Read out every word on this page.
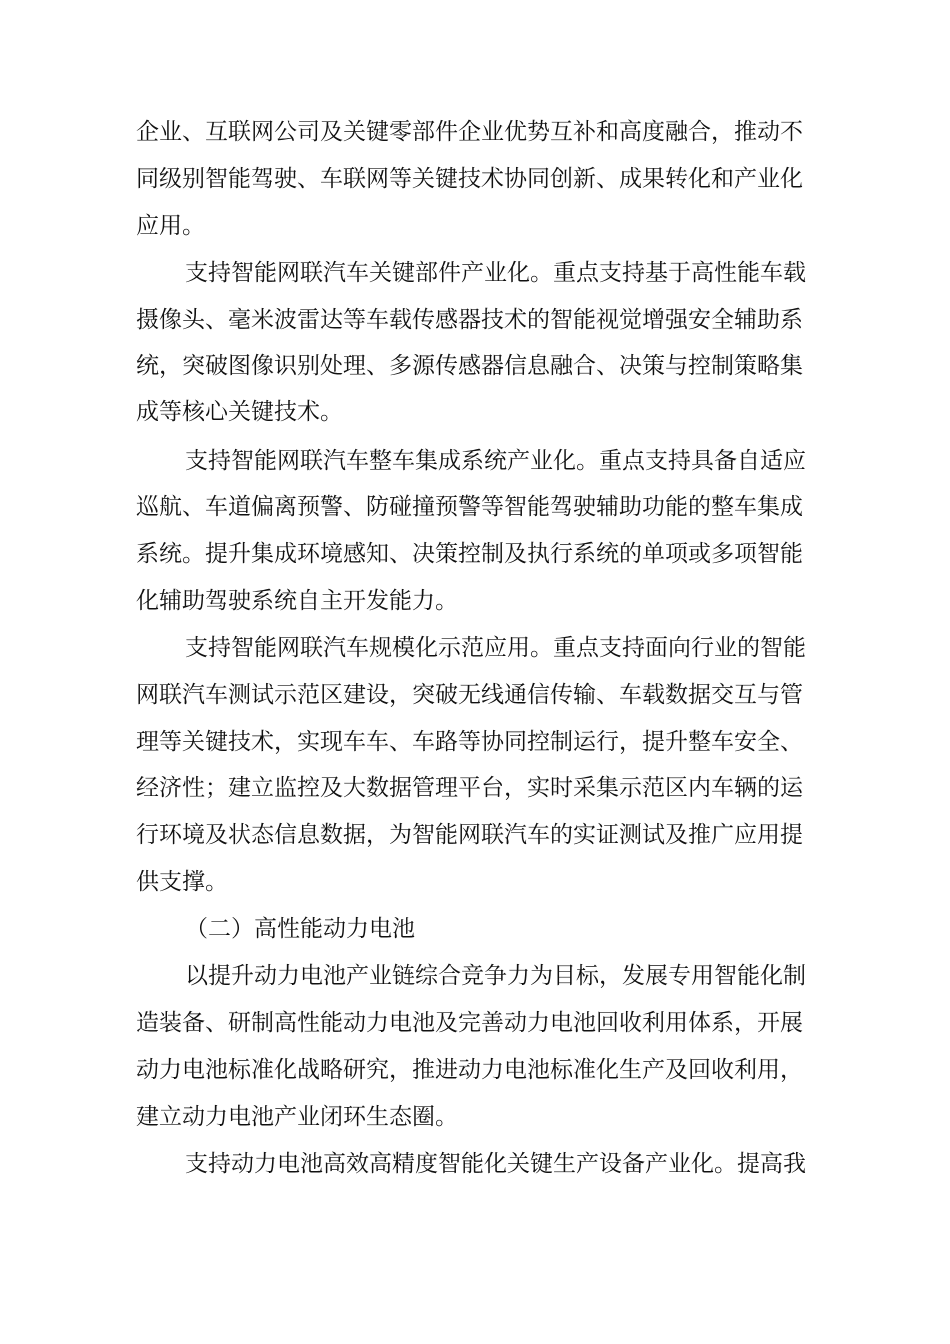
企业、互联网公司及关键零部件企业优势互补和高度融合，推动不
同级别智能驾驶、车联网等关键技术协同创新、成果转化和产业化
应用。
支持智能网联汽车关键部件产业化。重点支持基于高性能车载
摄像头、毫米波雷达等车载传感器技术的智能视觉增强安全辅助系
统，突破图像识别处理、多源传感器信息融合、决策与控制策略集
成等核心关键技术。
支持智能网联汽车整车集成系统产业化。重点支持具备自适应
巡航、车道偏离预警、防碰撞预警等智能驾驶辅助功能的整车集成
系统。提升集成环境感知、决策控制及执行系统的单项或多项智能
化辅助驾驶系统自主开发能力。
支持智能网联汽车规模化示范应用。重点支持面向行业的智能
网联汽车测试示范区建设，突破无线通信传输、车载数据交互与管
理等关键技术，实现车车、车路等协同控制运行，提升整车安全、
经济性；建立监控及大数据管理平台，实时采集示范区内车辆的运
行环境及状态信息数据，为智能网联汽车的实证测试及推广应用提
供支撑。
（二）高性能动力电池
以提升动力电池产业链综合竞争力为目标，发展专用智能化制
造装备、研制高性能动力电池及完善动力电池回收利用体系，开展
动力电池标准化战略研究，推进动力电池标准化生产及回收利用，
建立动力电池产业闭环生态圈。
支持动力电池高效高精度智能化关键生产设备产业化。提高我
